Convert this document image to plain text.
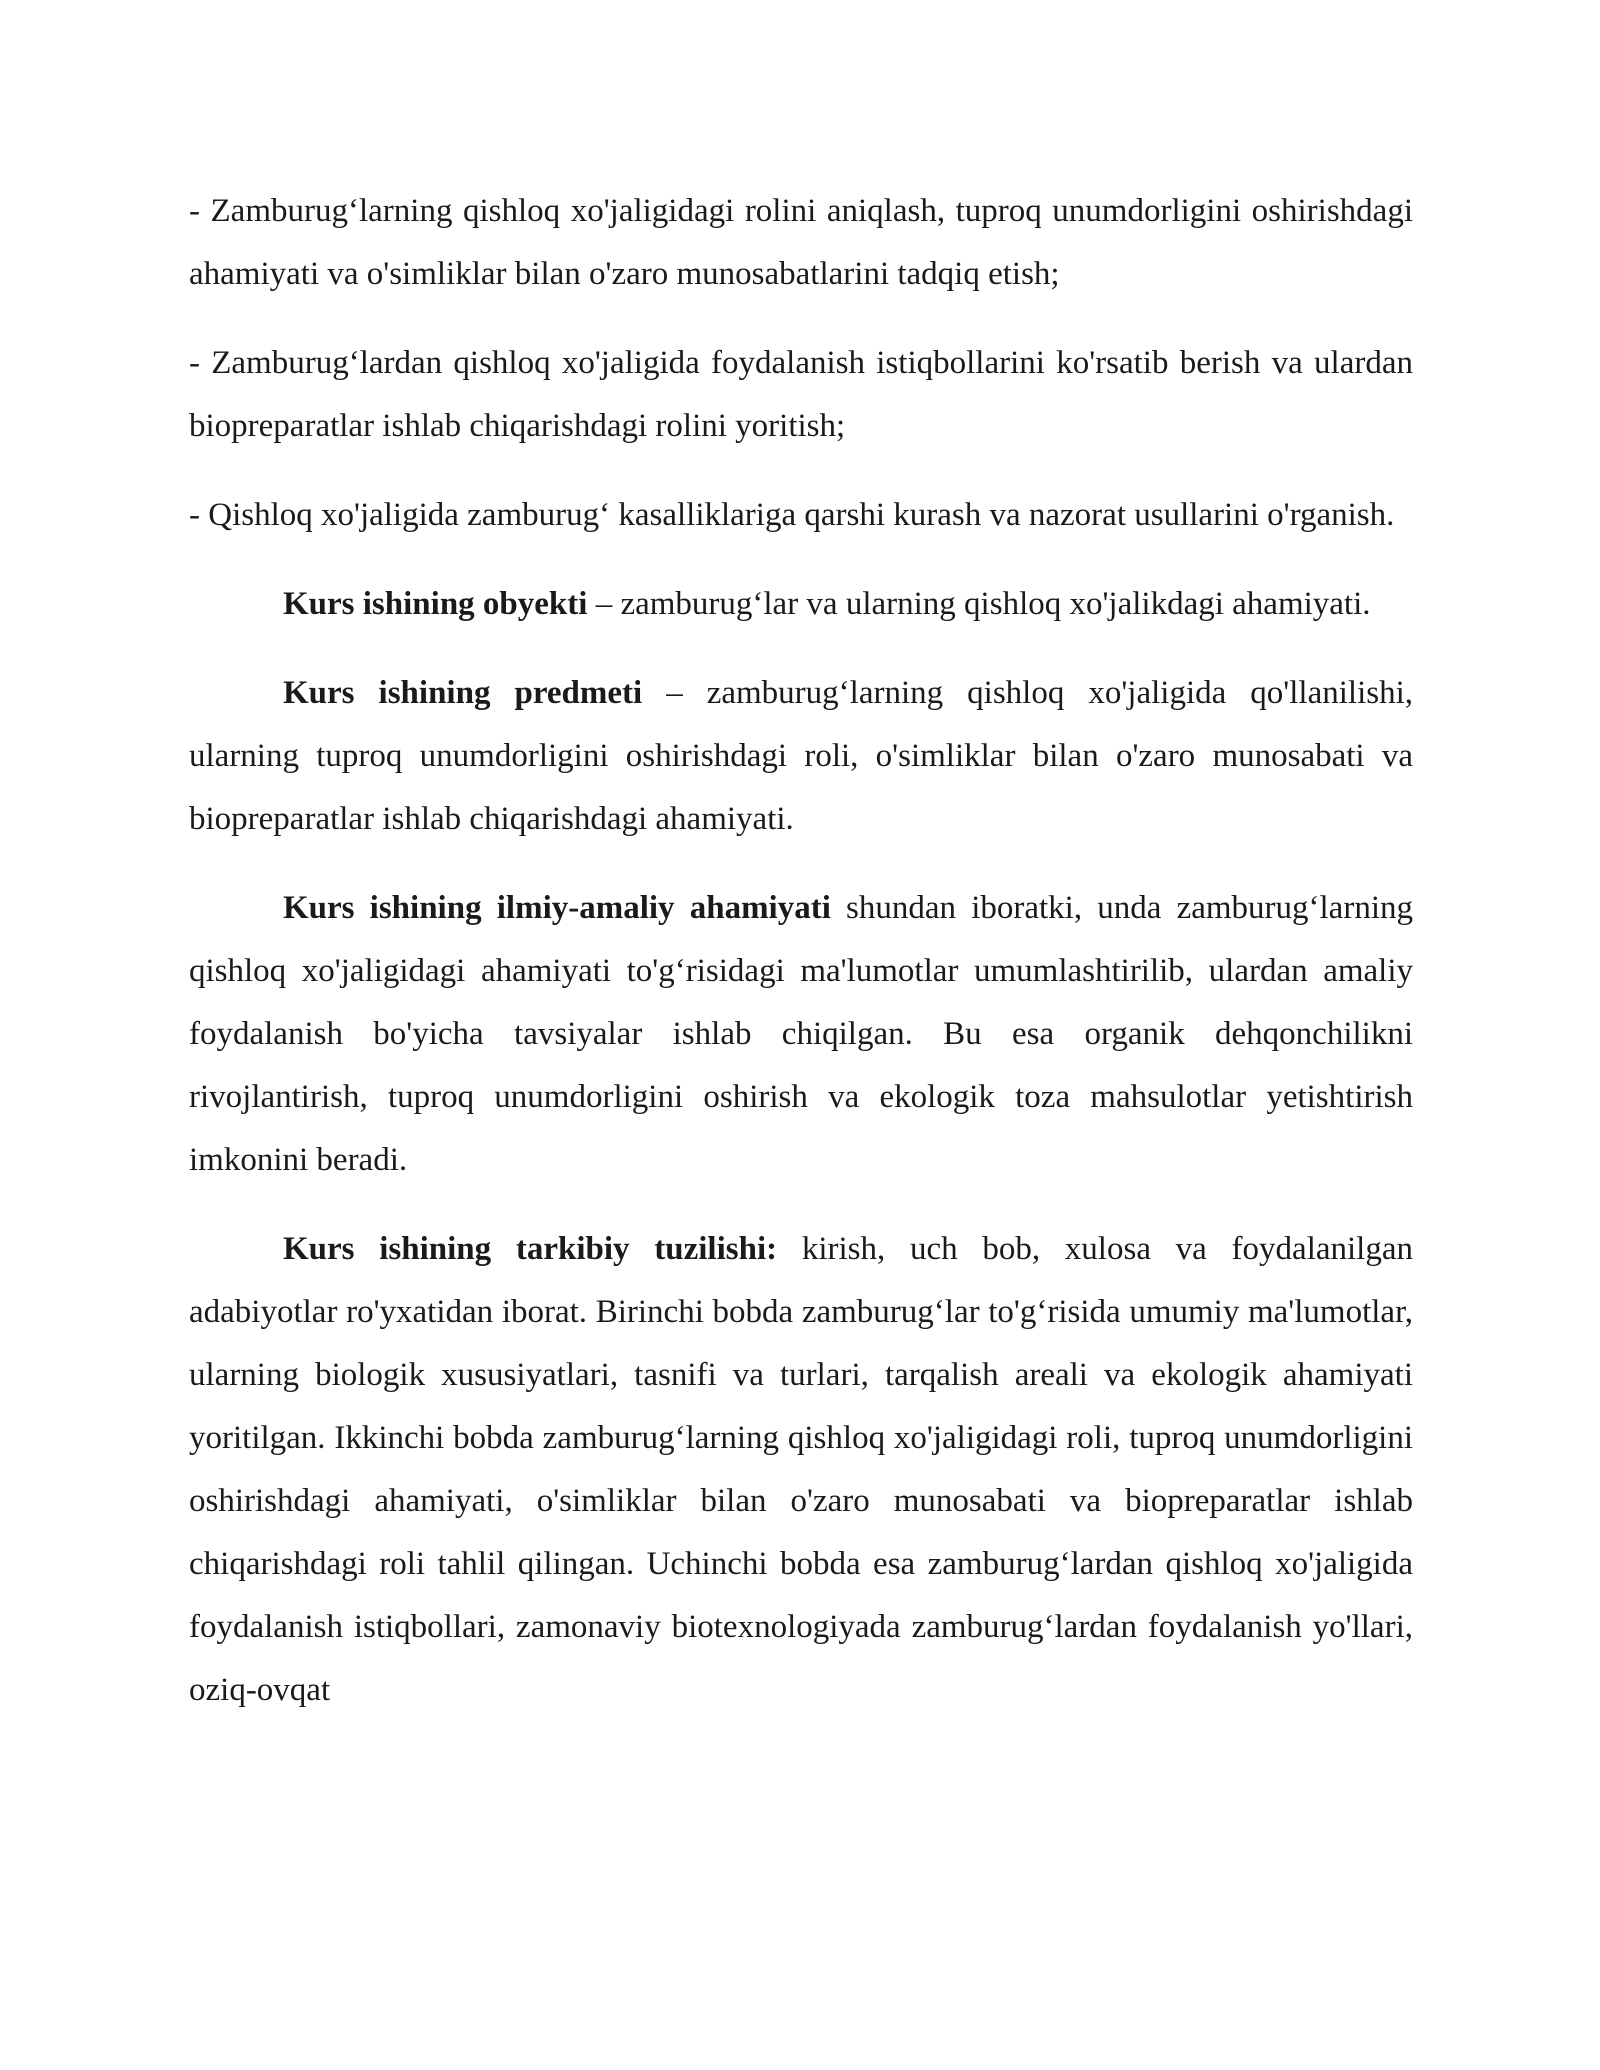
- Zamburug‘larning qishloq xo'jaligidagi rolini aniqlash, tuproq unumdorligini oshirishdagi ahamiyati va o'simliklar bilan o'zaro munosabatlarini tadqiq etish;

- Zamburug‘lardan qishloq xo'jaligida foydalanish istiqbollarini ko'rsatib berish va ulardan biopreparatlar ishlab chiqarishdagi rolini yoritish;

- Qishloq xo'jaligida zamburug‘ kasalliklariga qarshi kurash va nazorat usullarini o'rganish.

Kurs ishining obyekti – zamburug‘lar va ularning qishloq xo'jalikdagi ahamiyati.

Kurs ishining predmeti – zamburug‘larning qishloq xo'jaligida qo'llanilishi, ularning tuproq unumdorligini oshirishdagi roli, o'simliklar bilan o'zaro munosabati va biopreparatlar ishlab chiqarishdagi ahamiyati.

Kurs ishining ilmiy-amaliy ahamiyati shundan iboratki, unda zamburug‘larning qishloq xo'jaligidagi ahamiyati to'g‘risidagi ma'lumotlar umumlashtirilib, ulardan amaliy foydalanish bo'yicha tavsiyalar ishlab chiqilgan. Bu esa organik dehqonchilikni rivojlantirish, tuproq unumdorligini oshirish va ekologik toza mahsulotlar yetishtirish imkonini beradi.

Kurs ishining tarkibiy tuzilishi: kirish, uch bob, xulosa va foydalanilgan adabiyotlar ro'yxatidan iborat. Birinchi bobda zamburug‘lar to'g‘risida umumiy ma'lumotlar, ularning biologik xususiyatlari, tasnifi va turlari, tarqalish areali va ekologik ahamiyati yoritilgan. Ikkinchi bobda zamburug‘larning qishloq xo'jaligidagi roli, tuproq unumdorligini oshirishdagi ahamiyati, o'simliklar bilan o'zaro munosabati va biopreparatlar ishlab chiqarishdagi roli tahlil qilingan. Uchinchi bobda esa zamburug‘lardan qishloq xo'jaligida foydalanish istiqbollari, zamonaviy biotexnologiyada zamburug‘lardan foydalanish yo'llari, oziq-ovqat
